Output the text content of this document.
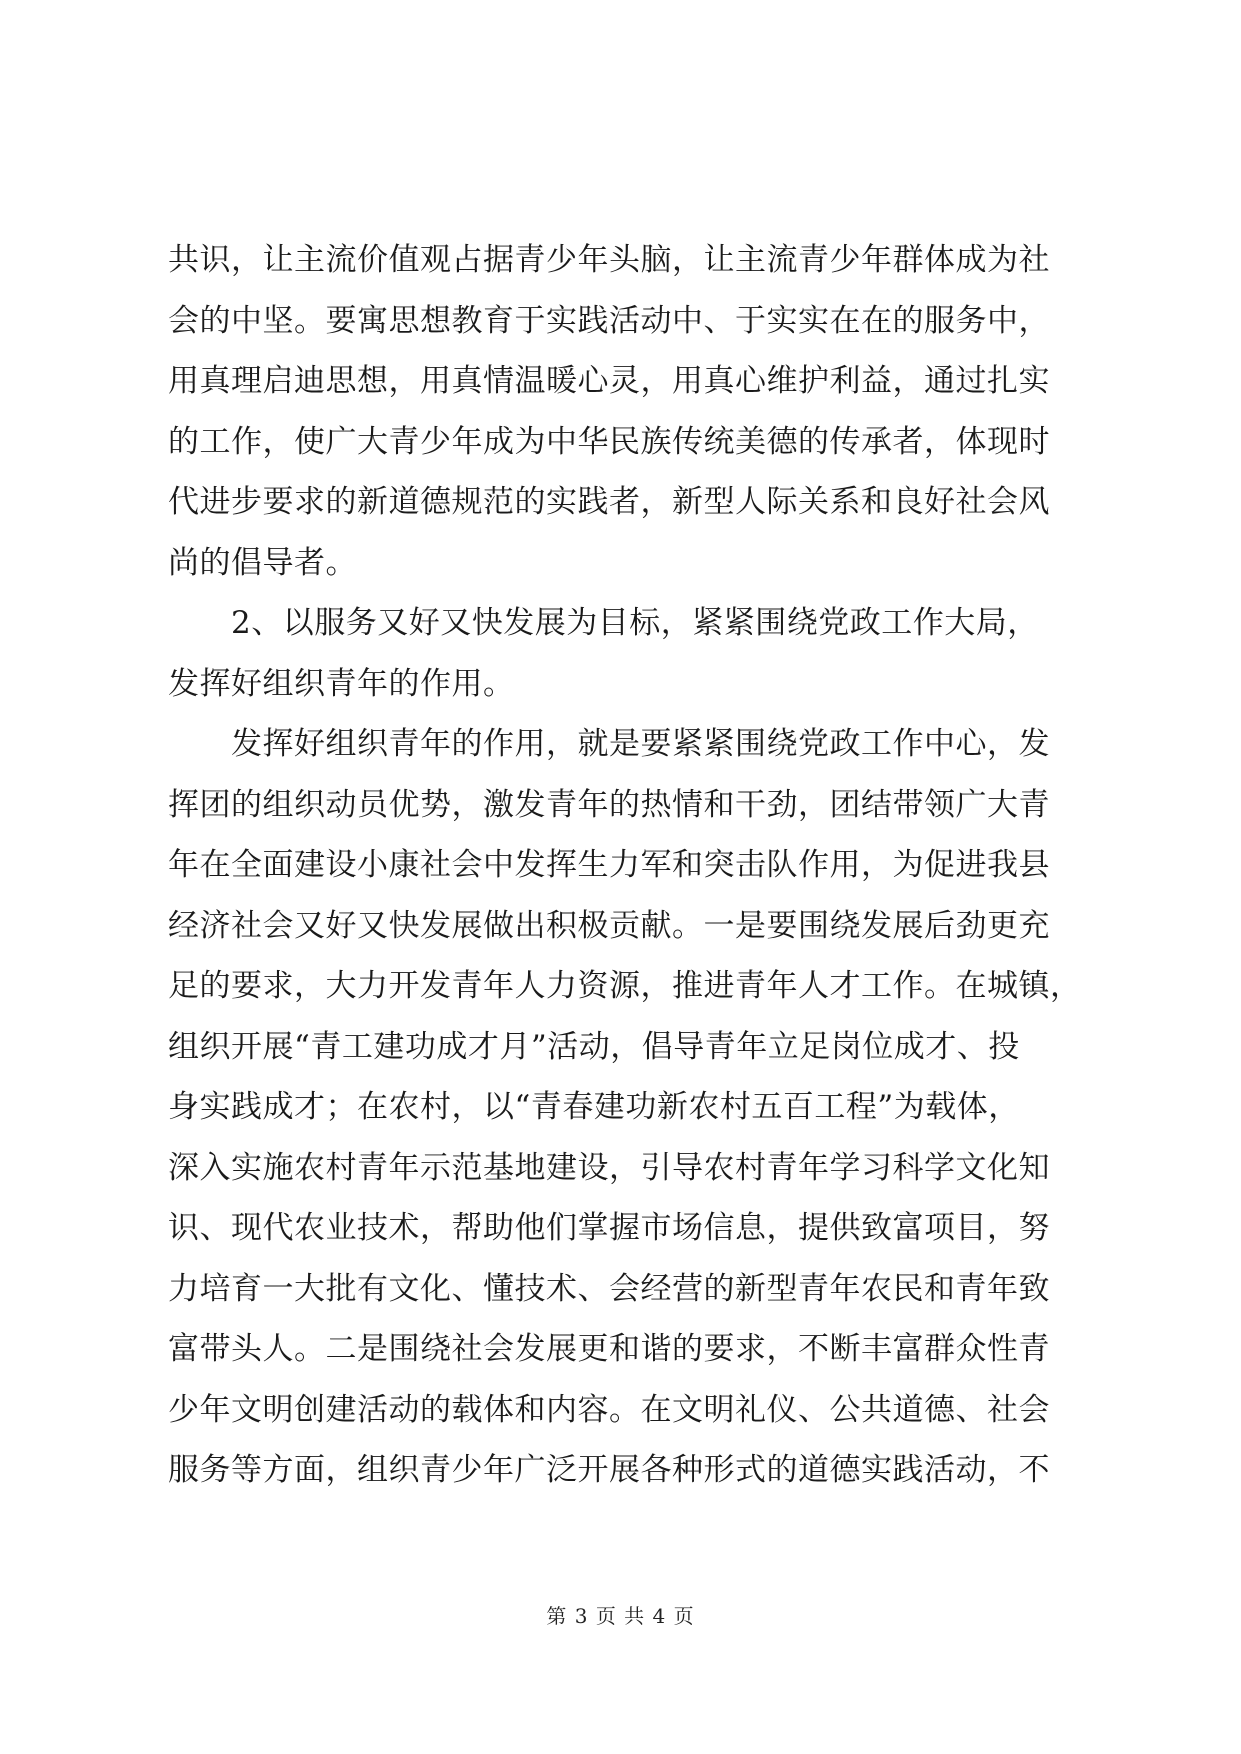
共识，让主流价值观占据青少年头脑，让主流青少年群体成为社
会的中坚。要寓思想教育于实践活动中、于实实在在的服务中，
用真理启迪思想，用真情温暖心灵，用真心维护利益，通过扎实
的工作，使广大青少年成为中华民族传统美德的传承者，体现时
代进步要求的新道德规范的实践者，新型人际关系和良好社会风
尚的倡导者。
　　2、以服务又好又快发展为目标，紧紧围绕党政工作大局，
发挥好组织青年的作用。
　　发挥好组织青年的作用，就是要紧紧围绕党政工作中心，发
挥团的组织动员优势，激发青年的热情和干劲，团结带领广大青
年在全面建设小康社会中发挥生力军和突击队作用，为促进我县
经济社会又好又快发展做出积极贡献。一是要围绕发展后劲更充
足的要求，大力开发青年人力资源，推进青年人才工作。在城镇，
组织开展“青工建功成才月”活动，倡导青年立足岗位成才、投
身实践成才；在农村，以“青春建功新农村五百工程”为载体，
深入实施农村青年示范基地建设，引导农村青年学习科学文化知
识、现代农业技术，帮助他们掌握市场信息，提供致富项目，努
力培育一大批有文化、懂技术、会经营的新型青年农民和青年致
富带头人。二是围绕社会发展更和谐的要求，不断丰富群众性青
少年文明创建活动的载体和内容。在文明礼仪、公共道德、社会
服务等方面，组织青少年广泛开展各种形式的道德实践活动，不
第 3 页 共 4 页
